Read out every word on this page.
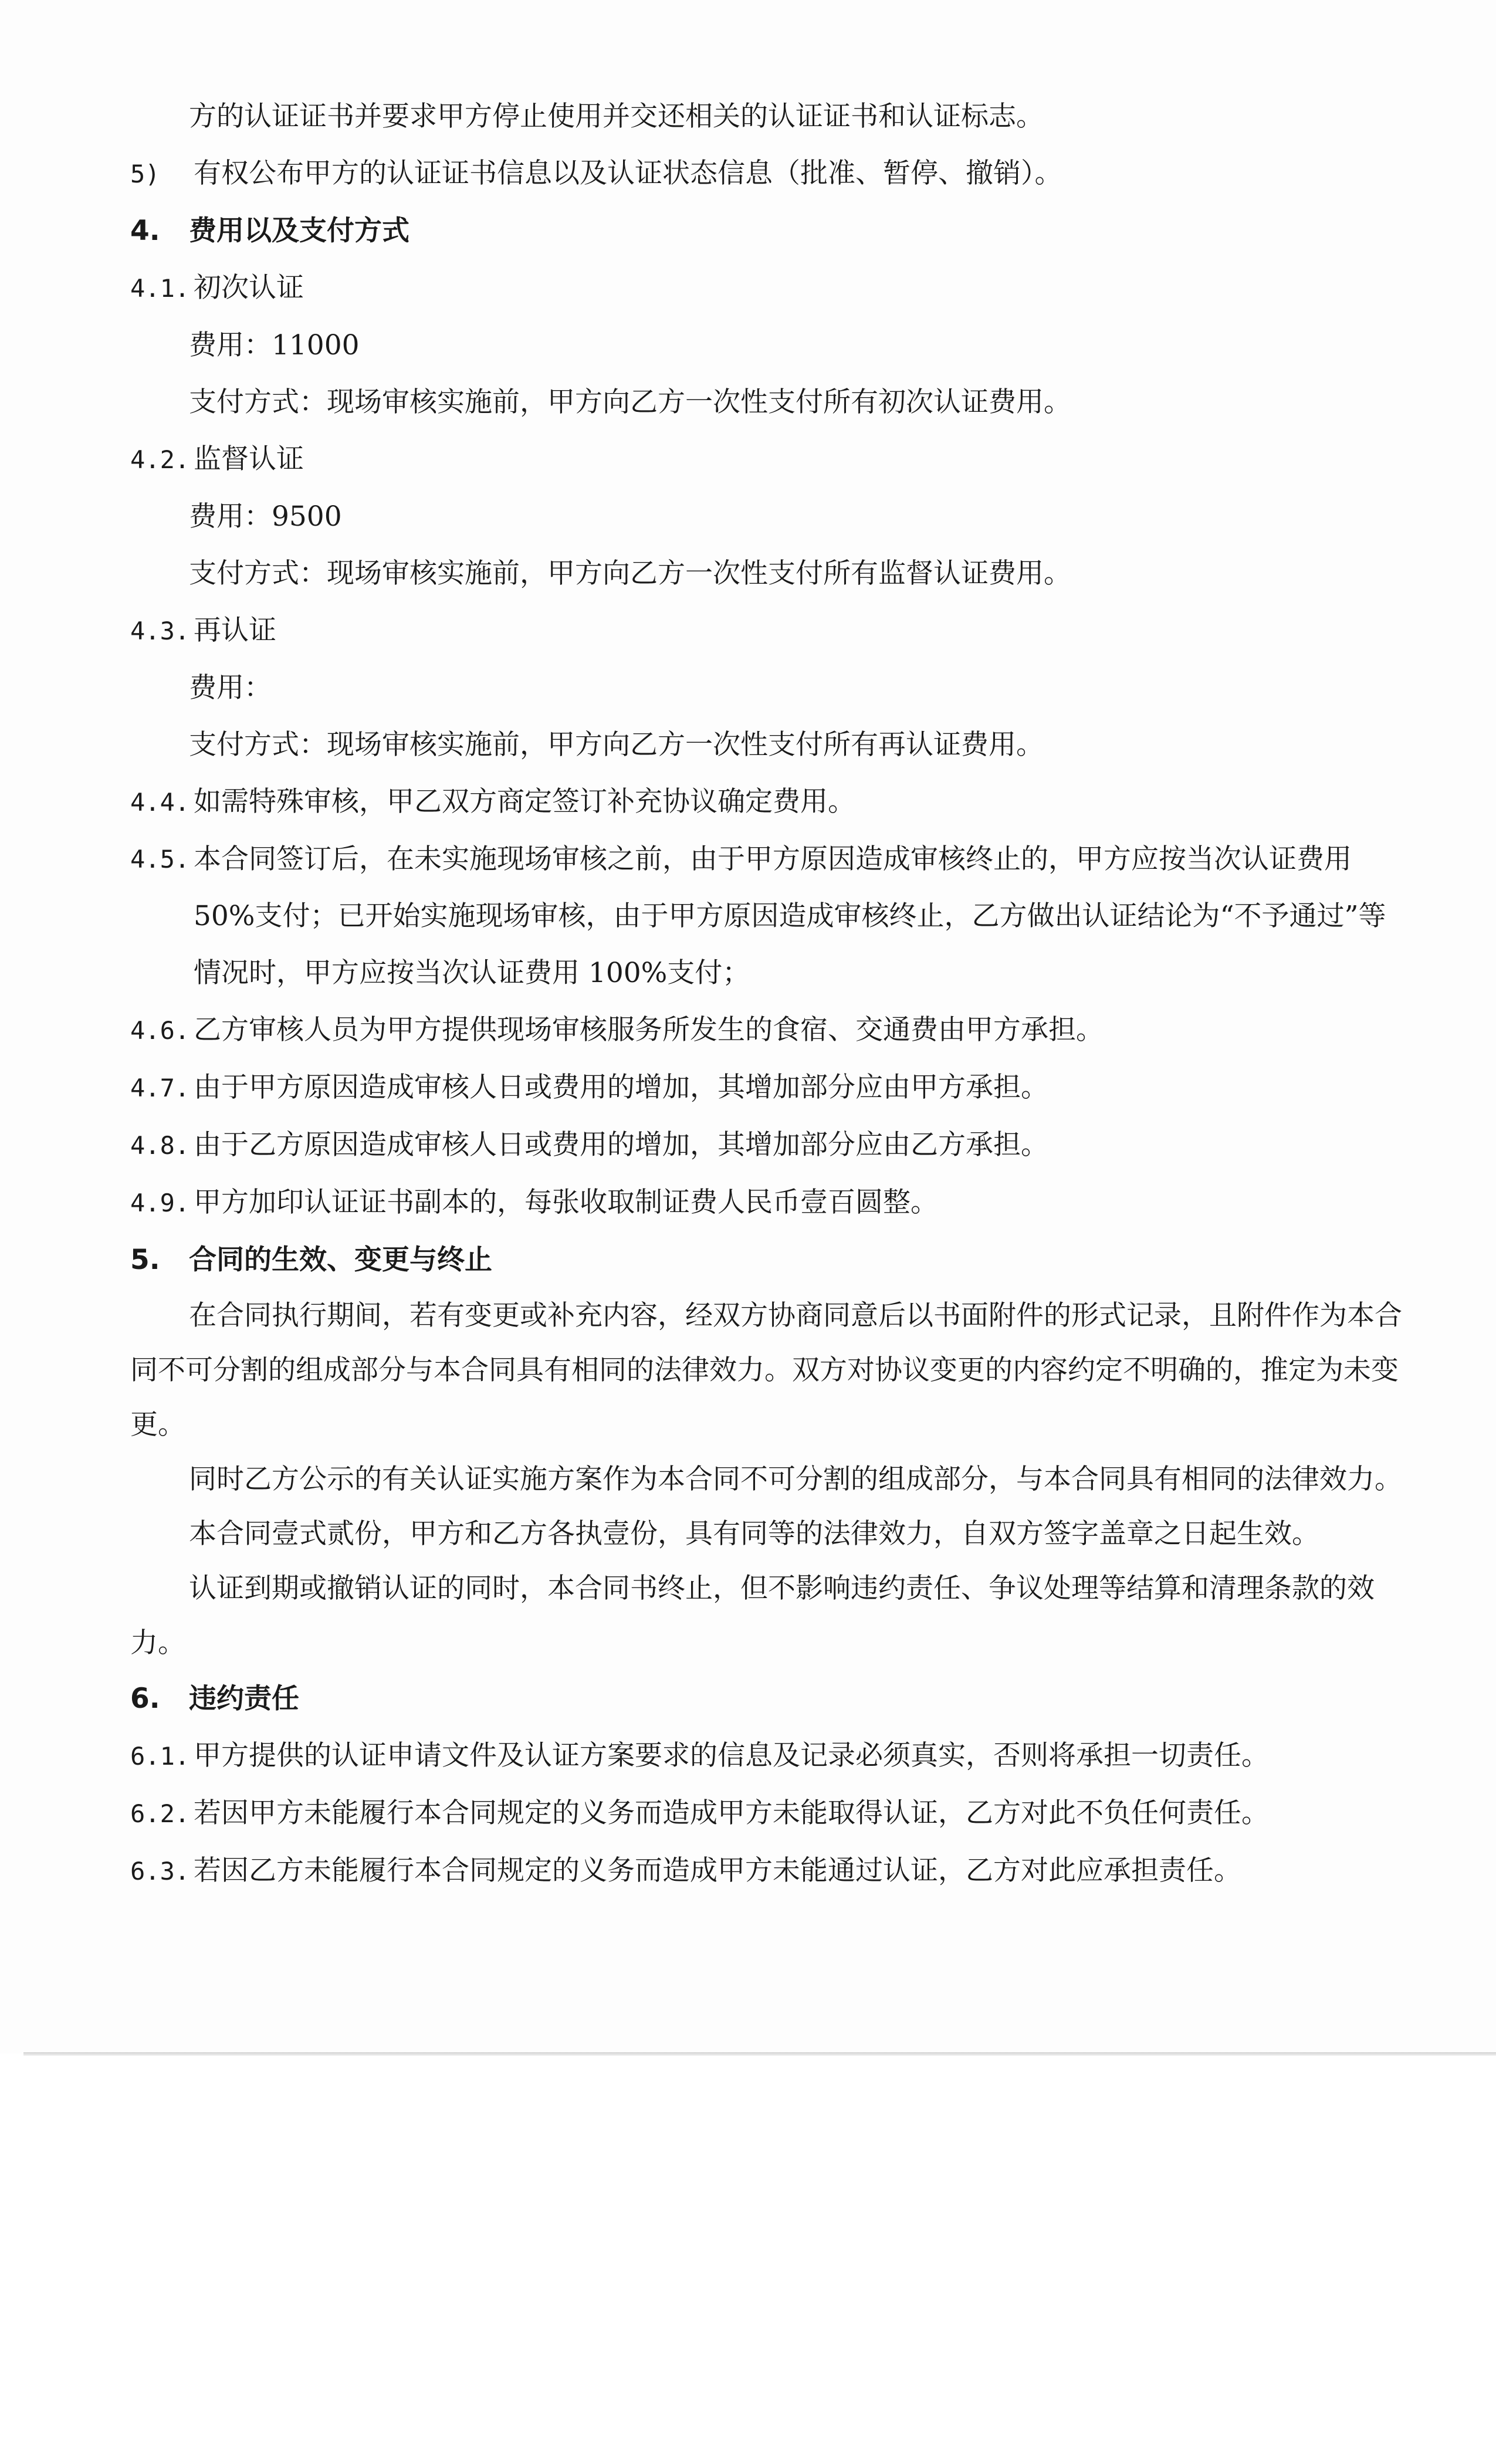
方的认证证书并要求甲方停止使用并交还相关的认证证书和认证标志。

5) 有权公布甲方的认证证书信息以及认证状态信息（批准、暂停、撤销）。

4. 费用以及支付方式

4.1. 初次认证

费用：11000

支付方式：现场审核实施前，甲方向乙方一次性支付所有初次认证费用。

4.2. 监督认证

费用：9500

支付方式：现场审核实施前，甲方向乙方一次性支付所有监督认证费用。

4.3. 再认证

费用：

支付方式：现场审核实施前，甲方向乙方一次性支付所有再认证费用。

4.4. 如需特殊审核，甲乙双方商定签订补充协议确定费用。

4.5. 本合同签订后，在未实施现场审核之前，由于甲方原因造成审核终止的，甲方应按当次认证费用 50%支付；已开始实施现场审核，由于甲方原因造成审核终止，乙方做出认证结论为“不予通过”等情况时，甲方应按当次认证费用 100%支付；

4.6. 乙方审核人员为甲方提供现场审核服务所发生的食宿、交通费由甲方承担。

4.7. 由于甲方原因造成审核人日或费用的增加，其增加部分应由甲方承担。

4.8. 由于乙方原因造成审核人日或费用的增加，其增加部分应由乙方承担。

4.9. 甲方加印认证证书副本的，每张收取制证费人民币壹百圆整。

5. 合同的生效、变更与终止

在合同执行期间，若有变更或补充内容，经双方协商同意后以书面附件的形式记录，且附件作为本合同不可分割的组成部分与本合同具有相同的法律效力。双方对协议变更的内容约定不明确的，推定为未变更。

同时乙方公示的有关认证实施方案作为本合同不可分割的组成部分，与本合同具有相同的法律效力。

本合同壹式贰份，甲方和乙方各执壹份，具有同等的法律效力，自双方签字盖章之日起生效。

认证到期或撤销认证的同时，本合同书终止，但不影响违约责任、争议处理等结算和清理条款的效力。

6. 违约责任

6.1. 甲方提供的认证申请文件及认证方案要求的信息及记录必须真实，否则将承担一切责任。

6.2. 若因甲方未能履行本合同规定的义务而造成甲方未能取得认证，乙方对此不负任何责任。

6.3. 若因乙方未能履行本合同规定的义务而造成甲方未能通过认证，乙方对此应承担责任。
